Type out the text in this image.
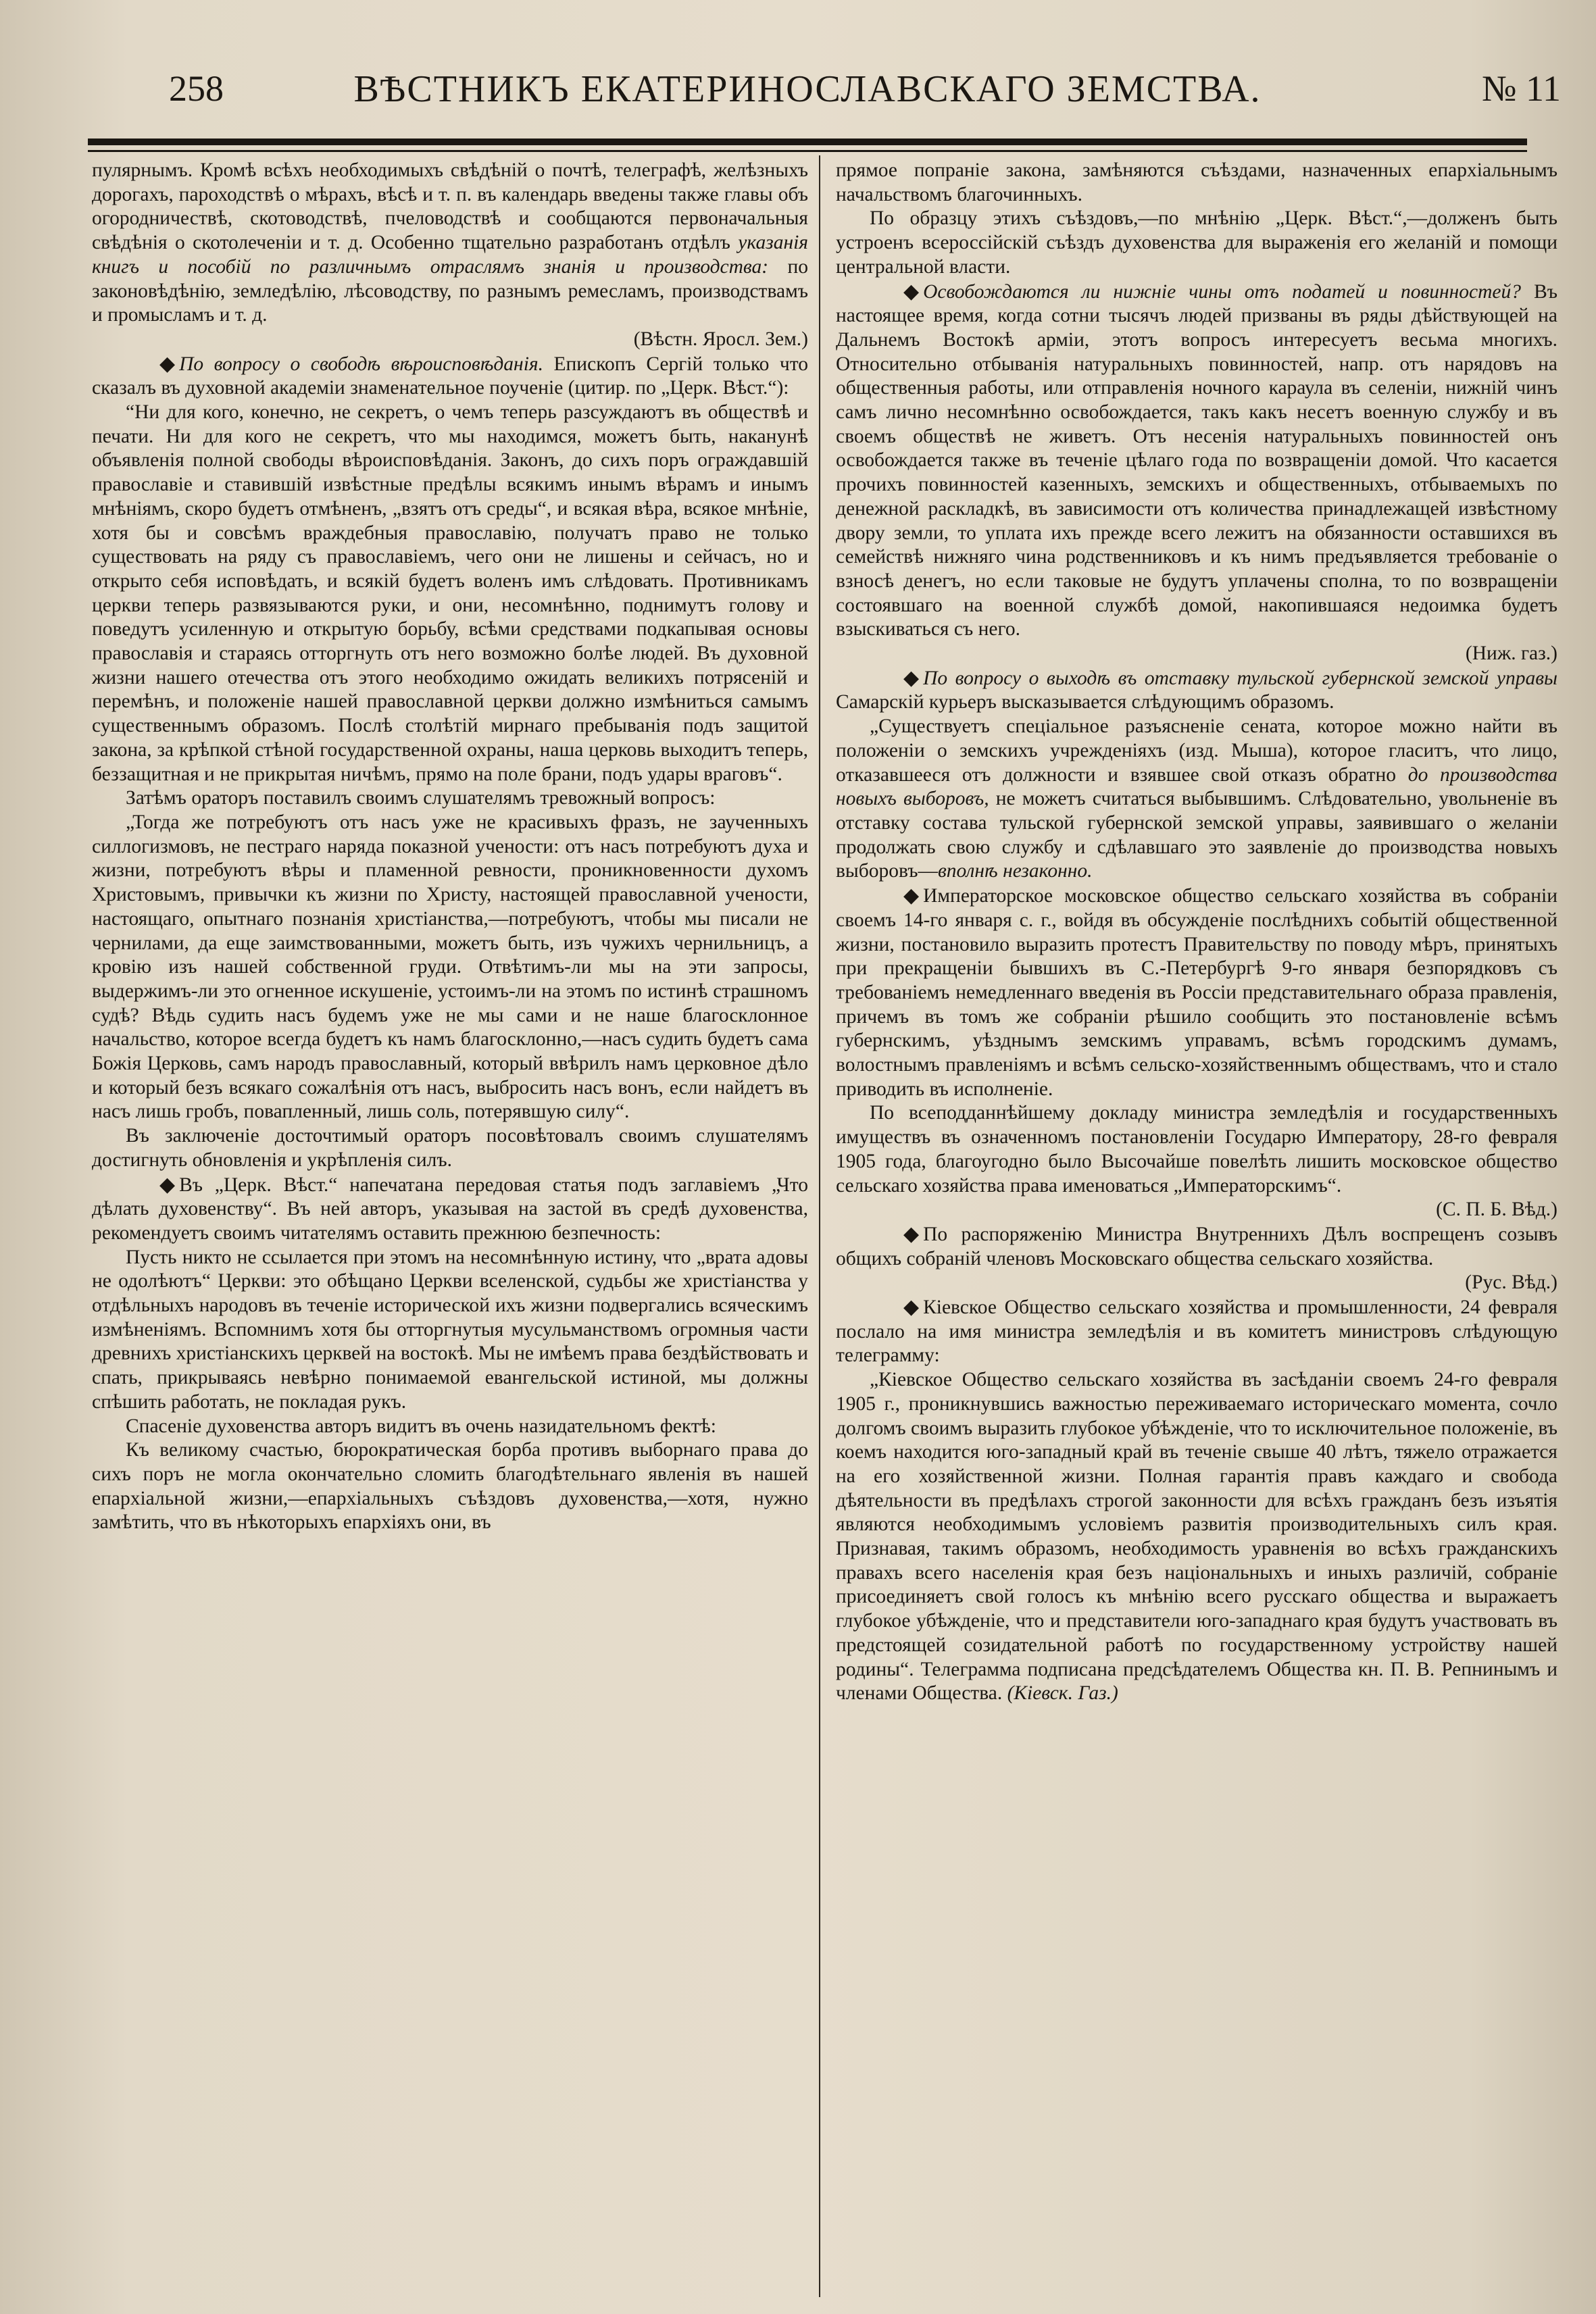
258	ВѢСТНИКЪ ЕКАТЕРИНОСЛАВСКАГО ЗЕМСТВА.	№ 11

пулярнымъ. Кромѣ всѣхъ необходимыхъ свѣдѣній о почтѣ, телеграфѣ, желѣзныхъ дорогахъ, пароходствѣ о мѣрахъ, вѣсѣ и т. п. въ календарь введены также главы объ огородничествѣ, скотоводствѣ, пчеловодствѣ и сообщаются первоначальныя свѣдѣнія о скотолеченіи и т. д. Особенно тщательно разработанъ отдѣлъ указанія книгъ и пособій по различнымъ отраслямъ знанія и производства: по законовѣдѣнію, земледѣлію, лѣсоводству, по разнымъ ремесламъ, производствамъ и промысламъ и т. д.

(Вѣстн. Яросл. Зем.)

◆ По вопросу о свободѣ вѣроисповѣданія. Епископъ Сергій только что сказалъ въ духовной академіи знаменательное поученіе (цитир. по „Церк. Вѣст.“):

“Ни для кого, конечно, не секретъ, о чемъ теперь разсуждаютъ въ обществѣ и печати. Ни для кого не секретъ, что мы находимся, можетъ быть, наканунѣ объявленія полной свободы вѣроисповѣданія. Законъ, до сихъ поръ ограждавшій православіе и ставившій извѣстные предѣлы всякимъ инымъ вѣрамъ и инымъ мнѣніямъ, скоро будетъ отмѣненъ, „взятъ отъ среды“, и всякая вѣра, всякое мнѣніе, хотя бы и совсѣмъ враждебныя православію, получатъ право не только существовать на ряду съ православіемъ, чего они не лишены и сейчасъ, но и открыто себя исповѣдать, и всякій будетъ воленъ имъ слѣдовать. Противникамъ церкви теперь развязываются руки, и они, несомнѣнно, поднимутъ голову и поведутъ усиленную и открытую борьбу, всѣми средствами подкапывая основы православія и стараясь отторгнуть отъ него возможно болѣе людей. Въ духовной жизни нашего отечества отъ этого необходимо ожидать великихъ потрясеній и перемѣнъ, и положеніе нашей православной церкви должно измѣниться самымъ существеннымъ образомъ. Послѣ столѣтій мирнаго пребыванія подъ защитой закона, за крѣпкой стѣной государственной охраны, наша церковь выходитъ теперь, беззащитная и не прикрытая ничѣмъ, прямо на поле брани, подъ удары враговъ“.

Затѣмъ ораторъ поставилъ своимъ слушателямъ тревожный вопросъ:

„Тогда же потребуютъ отъ насъ уже не красивыхъ фразъ, не заученныхъ силлогизмовъ, не пестраго наряда показной учености: отъ насъ потребуютъ духа и жизни, потребуютъ вѣры и пламенной ревности, проникновенности духомъ Христовымъ, привычки къ жизни по Христу, настоящей православной учености, настоящаго, опытнаго познанія христіанства,—потребуютъ, чтобы мы писали не чернилами, да еще заимствованными, можетъ быть, изъ чужихъ чернильницъ, а кровію изъ нашей собственной груди. Отвѣтимъ-ли мы на эти запросы, выдержимъ-ли это огненное искушеніе, устоимъ-ли на этомъ по истинѣ страшномъ судѣ? Вѣдь судить насъ будемъ уже не мы сами и не наше благосклонное начальство, которое всегда будетъ къ намъ благосклонно,—насъ судить будетъ сама Божія Церковь, самъ народъ православный, который ввѣрилъ намъ церковное дѣло и который безъ всякаго сожалѣнія отъ насъ, выбросить насъ вонъ, если найдетъ въ насъ лишь гробъ, повапленный, лишь соль, потерявшую силу“.

Въ заключеніе досточтимый ораторъ посовѣтовалъ своимъ слушателямъ достигнуть обновленія и укрѣпленія силъ.

◆ Въ „Церк. Вѣст.“ напечатана передовая статья подъ заглавіемъ „Что дѣлать духовенству“. Въ ней авторъ, указывая на застой въ средѣ духовенства, рекомендуетъ своимъ читателямъ оставить прежнюю безпечность:

Пусть никто не ссылается при этомъ на несомнѣнную истину, что „врата адовы не одолѣютъ“ Церкви: это обѣщано Церкви вселенской, судьбы же христіанства у отдѣльныхъ народовъ въ теченіе исторической ихъ жизни подвергались всяческимъ измѣненіямъ. Вспомнимъ хотя бы отторгнутыя мусульманствомъ огромныя части древнихъ христіанскихъ церквей на востокѣ. Мы не имѣемъ права бездѣйствовать и спать, прикрываясь невѣрно понимаемой евангельской истиной, мы должны спѣшить работать, не покладая рукъ.

Спасеніе духовенства авторъ видитъ въ очень назидательномъ фектѣ:

Къ великому счастью, бюрократическая борба противъ выборнаго права до сихъ поръ не могла окончательно сломить благодѣтельнаго явленія въ нашей епархіальной жизни,—епархіальныхъ съѣздовъ духовенства,—хотя, нужно замѣтить, что въ нѣкоторыхъ епархіяхъ они, въ

прямое попраніе закона, замѣняются съѣздами, назначенных епархіальнымъ начальствомъ благочинныхъ.

По образцу этихъ съѣздовъ,—по мнѣнію „Церк. Вѣст.“,—долженъ быть устроенъ всероссійскій съѣздъ духовенства для выраженія его желаній и помощи центральной власти.

◆ Освобождаются ли нижніе чины отъ податей и повинностей? Въ настоящее время, когда сотни тысячъ людей призваны въ ряды дѣйствующей на Дальнемъ Востокѣ арміи, этотъ вопросъ интересуетъ весьма многихъ. Относительно отбыванія натуральныхъ повинностей, напр. отъ нарядовъ на общественныя работы, или отправленія ночного караула въ селеніи, нижній чинъ самъ лично несомнѣнно освобождается, такъ какъ несетъ военную службу и въ своемъ обществѣ не живетъ. Отъ несенія натуральныхъ повинностей онъ освобождается также въ теченіе цѣлаго года по возвращеніи домой. Что касается прочихъ повинностей казенныхъ, земскихъ и общественныхъ, отбываемыхъ по денежной раскладкѣ, въ зависимости отъ количества принадлежащей извѣстному двору земли, то уплата ихъ прежде всего лежитъ на обязанности оставшихся въ семействѣ нижняго чина родственниковъ и къ нимъ предъявляется требованіе о взносѣ денегъ, но если таковые не будутъ уплачены сполна, то по возвращеніи состоявшаго на военной службѣ домой, накопившаяся недоимка будетъ взыскиваться съ него.

(Ниж. газ.)

◆ По вопросу о выходѣ въ отставку тульской губернской земской управы Самарскій курьеръ высказывается слѣдующимъ образомъ.

„Существуетъ спеціальное разъясненіе сената, которое можно найти въ положеніи о земскихъ учрежденіяхъ (изд. Мыша), которое гласитъ, что лицо, отказавшееся отъ должности и взявшее свой отказъ обратно до производства новыхъ выборовъ, не можетъ считаться выбывшимъ. Слѣдовательно, увольненіе въ отставку состава тульской губернской земской управы, заявившаго о желаніи продолжать свою службу и сдѣлавшаго это заявленіе до производства новыхъ выборовъ—вполнѣ незаконно.

◆ Императорское московское общество сельскаго хозяйства въ собраніи своемъ 14-го января с. г., войдя въ обсужденіе послѣднихъ событій общественной жизни, постановило выразить протестъ Правительству по поводу мѣръ, принятыхъ при прекращеніи бывшихъ въ С.-Петербургѣ 9-го января безпорядковъ съ требованіемъ немедленнаго введенія въ Россіи представительнаго образа правленія, причемъ въ томъ же собраніи рѣшило сообщить это постановленіе всѣмъ губернскимъ, уѣзднымъ земскимъ управамъ, всѣмъ городскимъ думамъ, волостнымъ правленіямъ и всѣмъ сельско-хозяйственнымъ обществамъ, что и стало приводить въ исполненіе.

По всеподданнѣйшему докладу министра земледѣлія и государственныхъ имуществъ въ означенномъ постановленіи Государю Императору, 28-го февраля 1905 года, благоугодно было Высочайше повелѣть лишить московское общество сельскаго хозяйства права именоваться „Императорскимъ“.

(С. П. Б. Вѣд.)

◆ По распоряженію Министра Внутреннихъ Дѣлъ воспрещенъ созывъ общихъ собраній членовъ Московскаго общества сельскаго хозяйства.

(Рус. Вѣд.)

◆ Кіевское Общество сельскаго хозяйства и промышленности, 24 февраля послало на имя министра земледѣлія и въ комитетъ министровъ слѣдующую телеграмму:

„Кіевское Общество сельскаго хозяйства въ засѣданіи своемъ 24-го февраля 1905 г., проникнувшись важностью переживаемаго историческаго момента, сочло долгомъ своимъ выразить глубокое убѣжденіе, что то исключительное положеніе, въ коемъ находится юго-западный край въ теченіе свыше 40 лѣтъ, тяжело отражается на его хозяйственной жизни. Полная гарантія правъ каждаго и свобода дѣятельности въ предѣлахъ строгой законности для всѣхъ гражданъ безъ изъятія являются необходимымъ условіемъ развитія производительныхъ силъ края. Признавая, такимъ образомъ, необходимость уравненія во всѣхъ гражданскихъ правахъ всего населенія края безъ національныхъ и иныхъ различій, собраніе присоединяетъ свой голосъ къ мнѣнію всего русскаго общества и выражаетъ глубокое убѣжденіе, что и представители юго-западнаго края будутъ участвовать въ предстоящей созидательной работѣ по государственному устройству нашей родины“. Телеграмма подписана предсѣдателемъ Общества кн. П. В. Репнинымъ и членами Общества. (Кіевск. Газ.)
